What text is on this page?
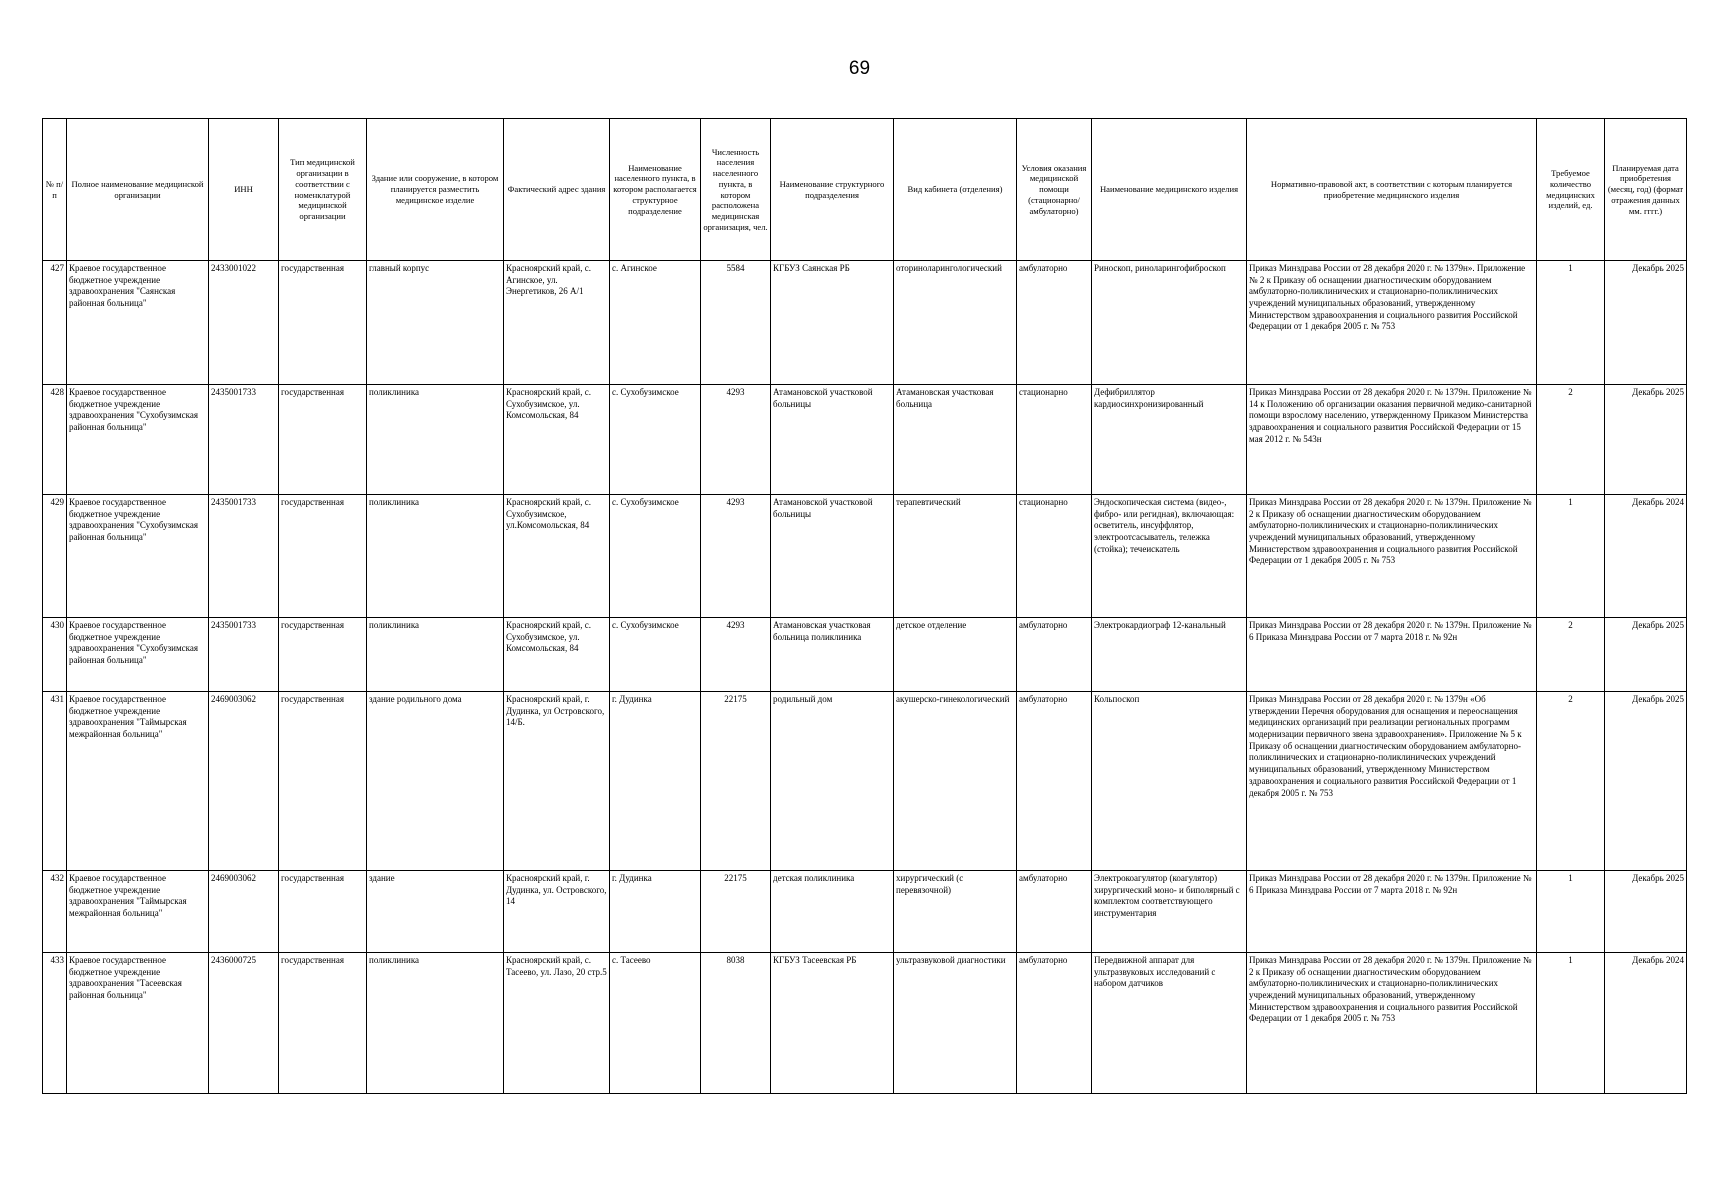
69
№ п/п	Полное наименование медицинской организации	ИНН	Тип медицинской организации в соответствии с номенклатурой медицинской организации	Здание или сооружение, в котором планируется разместить медицинское изделие	Фактический адрес здания	Наименование населенного пункта, в котором располагается структурное подразделение	Численность населения населенного пункта, в котором расположена медицинская организация, чел.	Наименование структурного подразделения	Вид кабинета (отделения)	Условия оказания медицинской помощи (стационарно/ амбулаторно)	Наименование медицинского изделия	Нормативно-правовой акт, в соответствии с которым планируется приобретение медицинского изделия	Требуемое количество медицинских изделий, ед.	Планируемая дата приобретения (месяц, год) (формат отражения данных мм. гггг.)
427	Краевое государственное бюджетное учреждение здравоохранения "Саянская районная больница"	2433001022	государственная	главный корпус	Красноярский край, с. Агинское, ул. Энергетиков, 26 А/1	с. Агинское	5584	КГБУЗ Саянская РБ	оториноларингологический	амбулаторно	Риноскоп, риноларингофиброскоп	Приказ Минздрава России от 28 декабря 2020 г. № 1379н». Приложение № 2 к Приказу об оснащении диагностическим оборудованием амбулаторно-поликлинических и стационарно-поликлинических учреждений муниципальных образований, утвержденному Министерством здравоохранения и социального развития Российской Федерации от 1 декабря 2005 г. № 753	1	Декабрь 2025
428	Краевое государственное бюджетное учреждение здравоохранения "Сухобузимская районная больница"	2435001733	государственная	поликлиника	Красноярский край, с. Сухобузимское, ул. Комсомольская, 84	с. Сухобузимское	4293	Атамановской участковой больницы	Атамановская участковая больница	стационарно	Дефибриллятор кардиосинхронизированный	Приказ Минздрава России от 28 декабря 2020 г. № 1379н. Приложение № 14 к Положению об организации оказания первичной медико-санитарной помощи взрослому населению, утвержденному Приказом Министерства здравоохранения и социального развития Российской Федерации от 15 мая 2012 г. № 543н	2	Декабрь 2025
429	Краевое государственное бюджетное учреждение здравоохранения "Сухобузимская районная больница"	2435001733	государственная	поликлиника	Красноярский край, с. Сухобузимское, ул.Комсомольская, 84	с. Сухобузимское	4293	Атамановской участковой больницы	терапевтический	стационарно	Эндоскопическая система (видео-, фибро- или регидная), включающая: осветитель, инсуффлятор, электроотсасыватель, тележка (стойка); течеискатель	Приказ Минздрава России от 28 декабря 2020 г. № 1379н. Приложение № 2 к Приказу об оснащении диагностическим оборудованием амбулаторно-поликлинических и стационарно-поликлинических учреждений муниципальных образований, утвержденному Министерством здравоохранения и социального развития Российской Федерации от 1 декабря 2005 г. № 753	1	Декабрь 2024
430	Краевое государственное бюджетное учреждение здравоохранения "Сухобузимская районная больница"	2435001733	государственная	поликлиника	Красноярский край, с. Сухобузимское, ул. Комсомольская, 84	с. Сухобузимское	4293	Атамановская участковая больница поликлиника	детское отделение	амбулаторно	Электрокардиограф 12-канальный	Приказ Минздрава России от 28 декабря 2020 г. № 1379н. Приложение № 6 Приказа Минздрава России от 7 марта 2018 г. № 92н	2	Декабрь 2025
431	Краевое государственное бюджетное учреждение здравоохранения "Таймырская межрайонная больница"	2469003062	государственная	здание родильного дома	Красноярский край, г. Дудинка, ул Островского, 14/Б.	г. Дудинка	22175	родильный дом	акушерско-гинекологический	амбулаторно	Кольпоскоп	Приказ Минздрава России от 28 декабря 2020 г. № 1379н «Об утверждении Перечня оборудования для оснащения и переоснащения медицинских организаций при реализации региональных программ модернизации первичного звена здравоохранения». Приложение № 5 к Приказу об оснащении диагностическим оборудованием амбулаторно-поликлинических и стационарно-поликлинических учреждений муниципальных образований, утвержденному Министерством здравоохранения и социального развития Российской Федерации от 1 декабря 2005 г. № 753	2	Декабрь 2025
432	Краевое государственное бюджетное учреждение здравоохранения "Таймырская межрайонная больница"	2469003062	государственная	здание	Красноярский край, г. Дудинка, ул. Островского, 14	г. Дудинка	22175	детская поликлиника	хирургический (с перевязочной)	амбулаторно	Электрокоагулятор (коагулятор) хирургический моно- и биполярный с комплектом соответствующего инструментария	Приказ Минздрава России от 28 декабря 2020 г. № 1379н. Приложение № 6 Приказа Минздрава России от 7 марта 2018 г. № 92н	1	Декабрь 2025
433	Краевое государственное бюджетное учреждение здравоохранения "Тасеевская районная больница"	2436000725	государственная	поликлиника	Красноярский край, с. Тасеево, ул. Лазо, 20 стр.5	с. Тасеево	8038	КГБУЗ Тасеевская РБ	ультразвуковой диагностики	амбулаторно	Передвижной аппарат для ультразвуковых исследований с набором датчиков	Приказ Минздрава России от 28 декабря 2020 г. № 1379н. Приложение № 2 к Приказу об оснащении диагностическим оборудованием амбулаторно-поликлинических и стационарно-поликлинических учреждений муниципальных образований, утвержденному Министерством здравоохранения и социального развития Российской Федерации от 1 декабря 2005 г. № 753	1	Декабрь 2024
